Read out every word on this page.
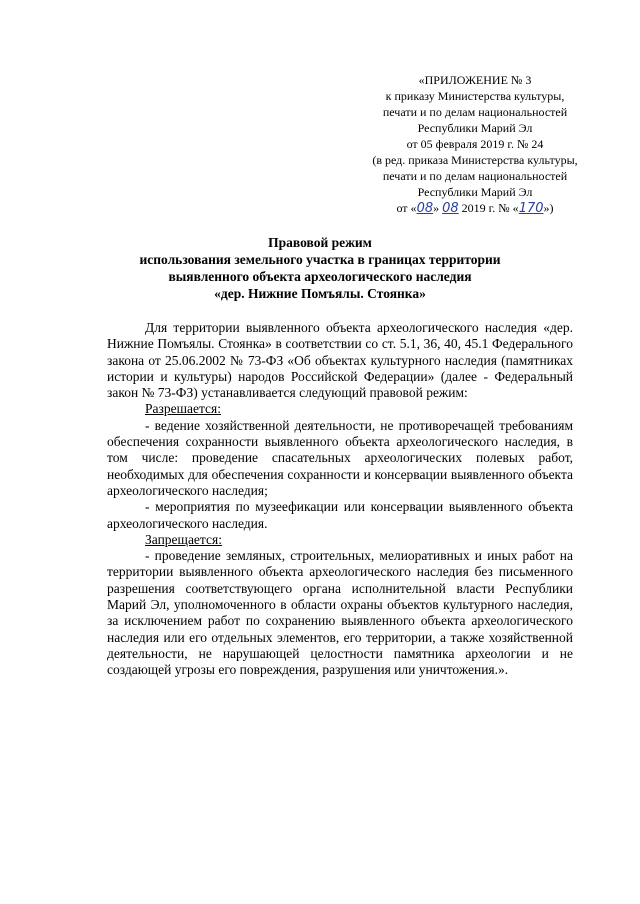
«ПРИЛОЖЕНИЕ № 3
к приказу Министерства культуры,
печати и по делам национальностей
Республики Марий Эл
от 05 февраля 2019 г. № 24
(в ред. приказа Министерства культуры,
печати и по делам национальностей
Республики Марий Эл
от «08» 08 2019 г. № «170»)
Правовой режим
использования земельного участка в границах территории
выявленного объекта археологического наследия
«дер. Нижние Помъялы. Стоянка»
Для территории выявленного объекта археологического наследия «дер. Нижние Помъялы. Стоянка» в соответствии со ст. 5.1, 36, 40, 45.1 Федерального закона от 25.06.2002 № 73-ФЗ «Об объектах культурного наследия (памятниках истории и культуры) народов Российской Федерации» (далее - Федеральный закон № 73-ФЗ) устанавливается следующий правовой режим:
Разрешается:
- ведение хозяйственной деятельности, не противоречащей требованиям обеспечения сохранности выявленного объекта археологического наследия, в том числе: проведение спасательных археологических полевых работ, необходимых для обеспечения сохранности и консервации выявленного объекта археологического наследия;
- мероприятия по музеефикации или консервации выявленного объекта археологического наследия.
Запрещается:
- проведение земляных, строительных, мелиоративных и иных работ на территории выявленного объекта археологического наследия без письменного разрешения соответствующего органа исполнительной власти Республики Марий Эл, уполномоченного в области охраны объектов культурного наследия, за исключением работ по сохранению выявленного объекта археологического наследия или его отдельных элементов, его территории, а также хозяйственной деятельности, не нарушающей целостности памятника археологии и не создающей угрозы его повреждения, разрушения или уничтожения.».
